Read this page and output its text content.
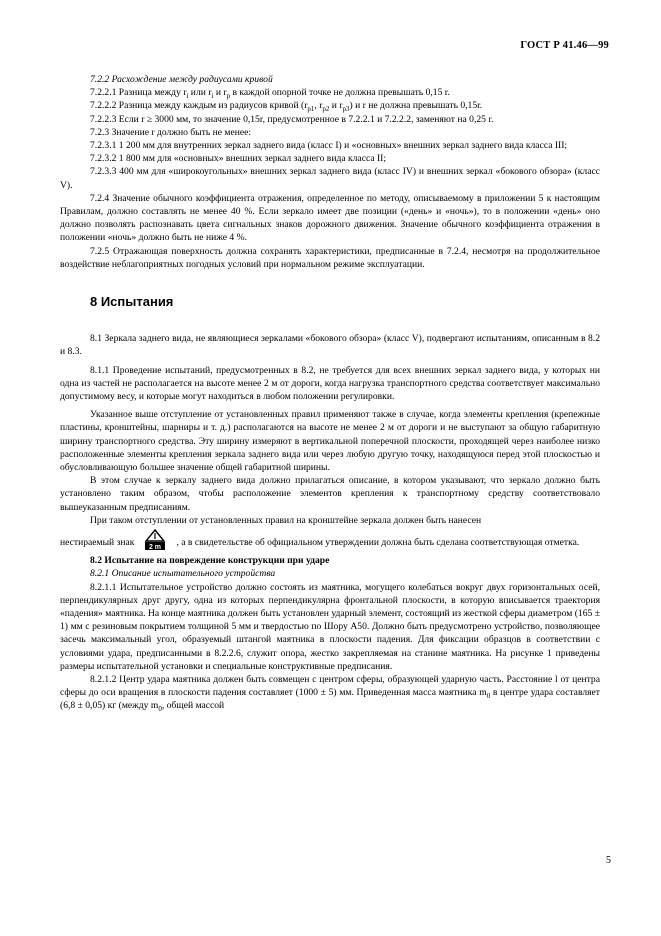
ГОСТ Р 41.46—99

7.2.2 Расхождение между радиусами кривой

7.2.2.1 Разница между $r_i$ или $r_i$ и $r_p$ в каждой опорной точке не должна превышать 0,15 r.

7.2.2.2 Разница между каждым из радиусов кривой ($r_{p1}$, $r_{p2}$ и $r_{p3}$) и r не должна превышать 0,15r.

7.2.2.3 Если r ≥ 3000 мм, то значение 0,15r, предусмотренное в 7.2.2.1 и 7.2.2.2, заменяют на 0,25 r.

7.2.3 Значение r должно быть не менее:

7.2.3.1 1 200 мм для внутренних зеркал заднего вида (класс I) и «основных» внешних зеркал заднего вида класса III;

7.2.3.2 1 800 мм для «основных» внешних зеркал заднего вида класса II;

7.2.3.3 400 мм для «широкоугольных» внешних зеркал заднего вида (класс IV) и внешних зеркал «бокового обзора» (класс V).

7.2.4 Значение обычного коэффициента отражения, определенное по методу, описываемому в приложении 5 к настоящим Правилам, должно составлять не менее 40 %. Если зеркало имеет две позиции («день» и «ночь»), то в положении «день» оно должно позволять распознавать цвета сигнальных знаков дорожного движения. Значение обычного коэффициента отражения в положении «ночь» должно быть не ниже 4 %.

7.2.5 Отражающая поверхность должна сохранять характеристики, предписанные в 7.2.4, несмотря на продолжительное воздействие неблагоприятных погодных условий при нормальном режиме эксплуатации.

8 Испытания

8.1 Зеркала заднего вида, не являющиеся зеркалами «бокового обзора» (класс V), подвергают испытаниям, описанным в 8.2 и 8.3.

8.1.1 Проведение испытаний, предусмотренных в 8.2, не требуется для всех внешних зеркал заднего вида, у которых ни одна из частей не располагается на высоте менее 2 м от дороги, когда нагрузка транспортного средства соответствует максимально допустимому весу, и которые могут находиться в любом положении регулировки.

Указанное выше отступление от установленных правил применяют также в случае, когда элементы крепления (крепежные пластины, кронштейны, шарниры и т. д.) располагаются на высоте не менее 2 м от дороги и не выступают за общую габаритную ширину транспортного средства. Эту ширину измеряют в вертикальной поперечной плоскости, проходящей через наиболее низко расположенные элементы крепления зеркала заднего вида или через любую другую точку, находящуюся перед этой плоскостью и обусловливающую большее значение общей габаритной ширины.

В этом случае к зеркалу заднего вида должно прилагаться описание, в котором указывают, что зеркало должно быть установлено таким образом, чтобы расположение элементов крепления к транспортному средству соответствовало вышеуказанным предписаниям.

При таком отступлении от установленных правил на кронштейне зеркала должен быть нанесен

нестираемый знак 2 m , а в свидетельстве об официальном утверждении должна быть сделана соответствующая отметка.

8.2 Испытание на повреждение конструкции при ударе

8.2.1 Описание испытательного устройства

8.2.1.1 Испытательное устройство должно состоять из маятника, могущего колебаться вокруг двух горизонтальных осей, перпендикулярных друг другу, одна из которых перпендикулярна фронтальной плоскости, в которую вписывается траектория «падения» маятника. На конце маятника должен быть установлен ударный элемент, состоящий из жесткой сферы диаметром (165 ± 1) мм с резиновым покрытием толщиной 5 мм и твердостью по Шору А50. Должно быть предусмотрено устройство, позволяющее засечь максимальный угол, образуемый штангой маятника в плоскости падения. Для фиксации образцов в соответствии с условиями удара, предписанными в 8.2.2.6, служит опора, жестко закрепляемая на станине маятника. На рисунке 1 приведены размеры испытательной установки и специальные конструктивные предписания.

8.2.1.2 Центр удара маятника должен быть совмещен с центром сферы, образующей ударную часть. Расстояние l от центра сферы до оси вращения в плоскости падения составляет (1000 ± 5) мм. Приведенная масса маятника $m_0$ в центре удара составляет (6,8 ± 0,05) кг (между $m_0$, общей массой

5
